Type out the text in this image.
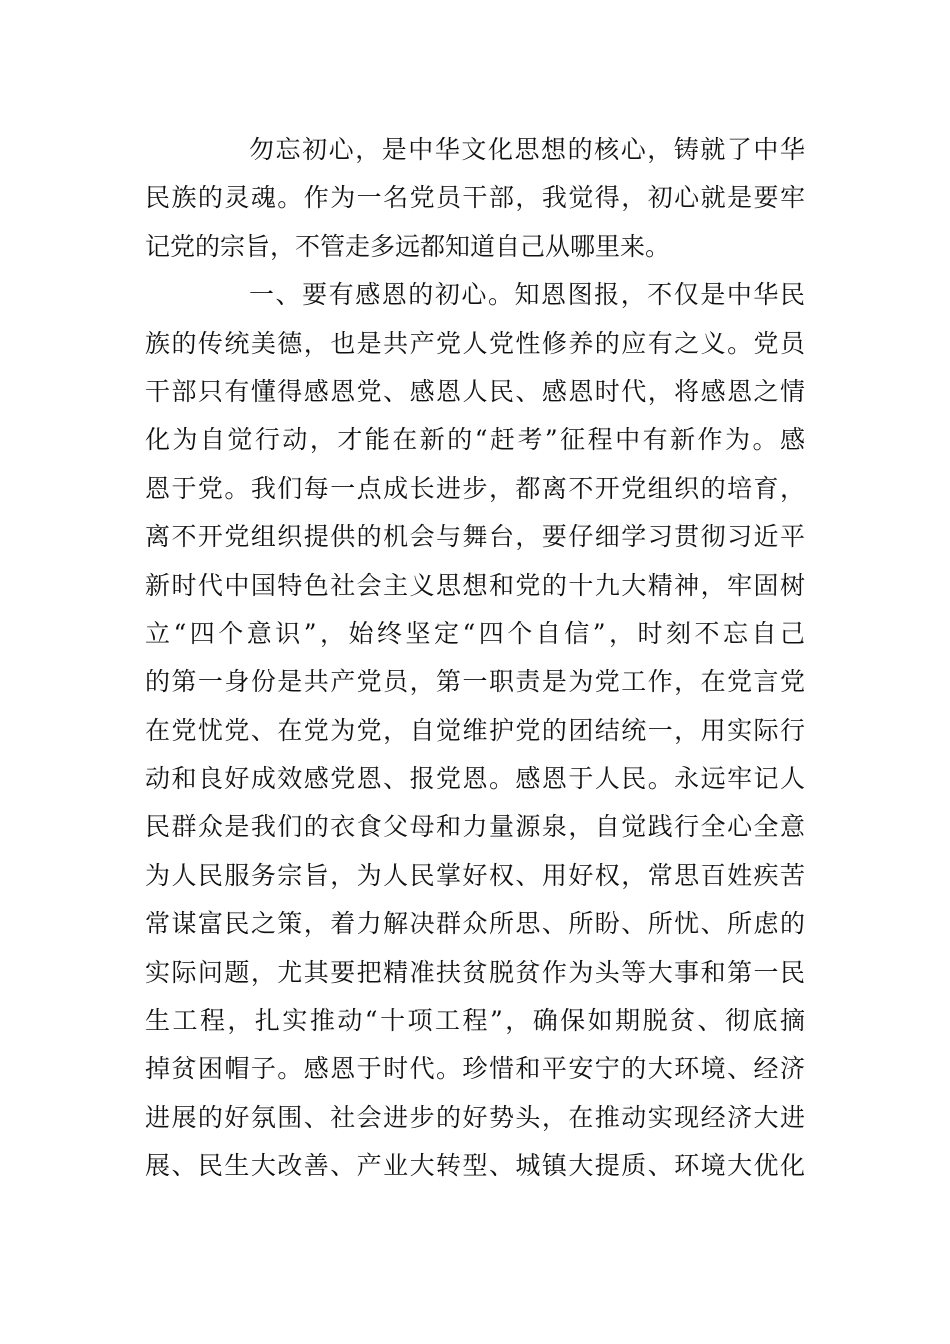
勿忘初心，是中华文化思想的核心，铸就了中华
民族的灵魂。作为一名党员干部，我觉得，初心就是要牢
记党的宗旨，不管走多远都知道自己从哪里来。
一、要有感恩的初心。知恩图报，不仅是中华民
族的传统美德，也是共产党人党性修养的应有之义。党员
干部只有懂得感恩党、感恩人民、感恩时代，将感恩之情
化为自觉行动，才能在新的“赶考”征程中有新作为。感
恩于党。我们每一点成长进步，都离不开党组织的培育，
离不开党组织提供的机会与舞台，要仔细学习贯彻习近平
新时代中国特色社会主义思想和党的十九大精神，牢固树
立“四个意识”，始终坚定“四个自信”，时刻不忘自己
的第一身份是共产党员，第一职责是为党工作，在党言党
在党忧党、在党为党，自觉维护党的团结统一，用实际行
动和良好成效感党恩、报党恩。感恩于人民。永远牢记人
民群众是我们的衣食父母和力量源泉，自觉践行全心全意
为人民服务宗旨，为人民掌好权、用好权，常思百姓疾苦
常谋富民之策，着力解决群众所思、所盼、所忧、所虑的
实际问题，尤其要把精准扶贫脱贫作为头等大事和第一民
生工程，扎实推动“十项工程”，确保如期脱贫、彻底摘
掉贫困帽子。感恩于时代。珍惜和平安宁的大环境、经济
进展的好氛围、社会进步的好势头，在推动实现经济大进
展、民生大改善、产业大转型、城镇大提质、环境大优化
